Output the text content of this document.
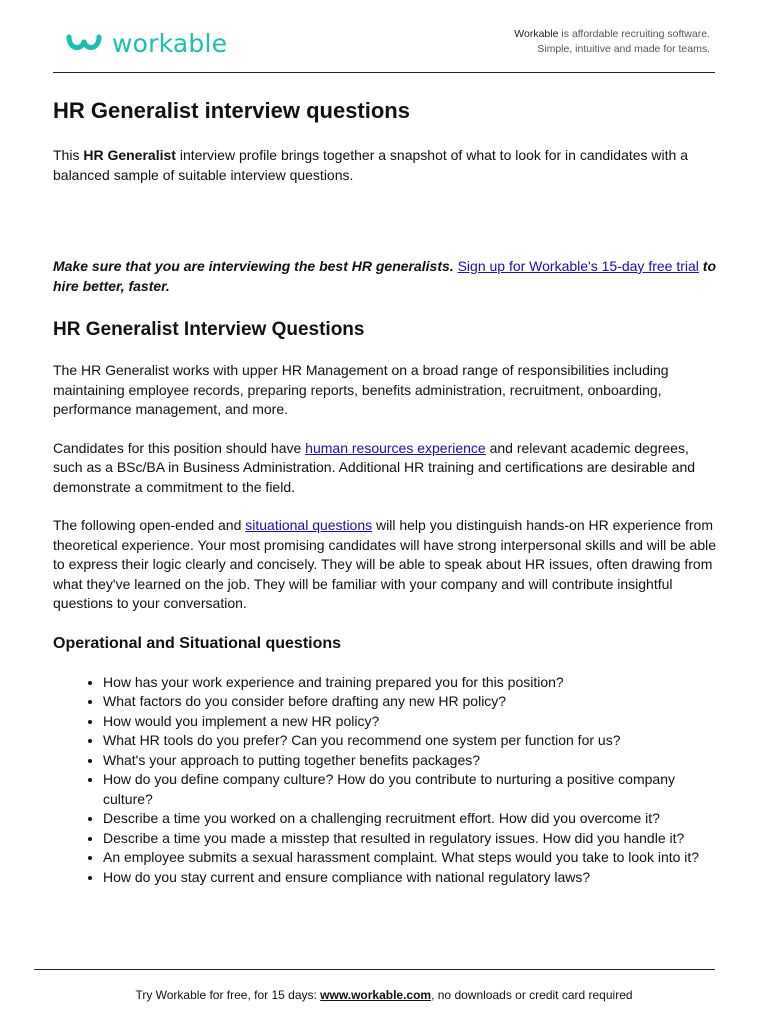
workable	Workable is affordable recruiting software.
Simple, intuitive and made for teams.
HR Generalist interview questions

This HR Generalist interview profile brings together a snapshot of what to look for in candidates with a balanced sample of suitable interview questions.

Make sure that you are interviewing the best HR generalists. Sign up for Workable's 15-day free trial to hire better, faster.

HR Generalist Interview Questions

The HR Generalist works with upper HR Management on a broad range of responsibilities including maintaining employee records, preparing reports, benefits administration, recruitment, onboarding, performance management, and more.

Candidates for this position should have human resources experience and relevant academic degrees, such as a BSc/BA in Business Administration. Additional HR training and certifications are desirable and demonstrate a commitment to the field.

The following open-ended and situational questions will help you distinguish hands-on HR experience from theoretical experience. Your most promising candidates will have strong interpersonal skills and will be able to express their logic clearly and concisely. They will be able to speak about HR issues, often drawing from what they've learned on the job. They will be familiar with your company and will contribute insightful questions to your conversation.

Operational and Situational questions
• How has your work experience and training prepared you for this position?
• What factors do you consider before drafting any new HR policy?
• How would you implement a new HR policy?
• What HR tools do you prefer? Can you recommend one system per function for us?
• What's your approach to putting together benefits packages?
• How do you define company culture? How do you contribute to nurturing a positive company culture?
• Describe a time you worked on a challenging recruitment effort. How did you overcome it?
• Describe a time you made a misstep that resulted in regulatory issues. How did you handle it?
• An employee submits a sexual harassment complaint. What steps would you take to look into it?
• How do you stay current and ensure compliance with national regulatory laws?
Try Workable for free, for 15 days: www.workable.com, no downloads or credit card required
